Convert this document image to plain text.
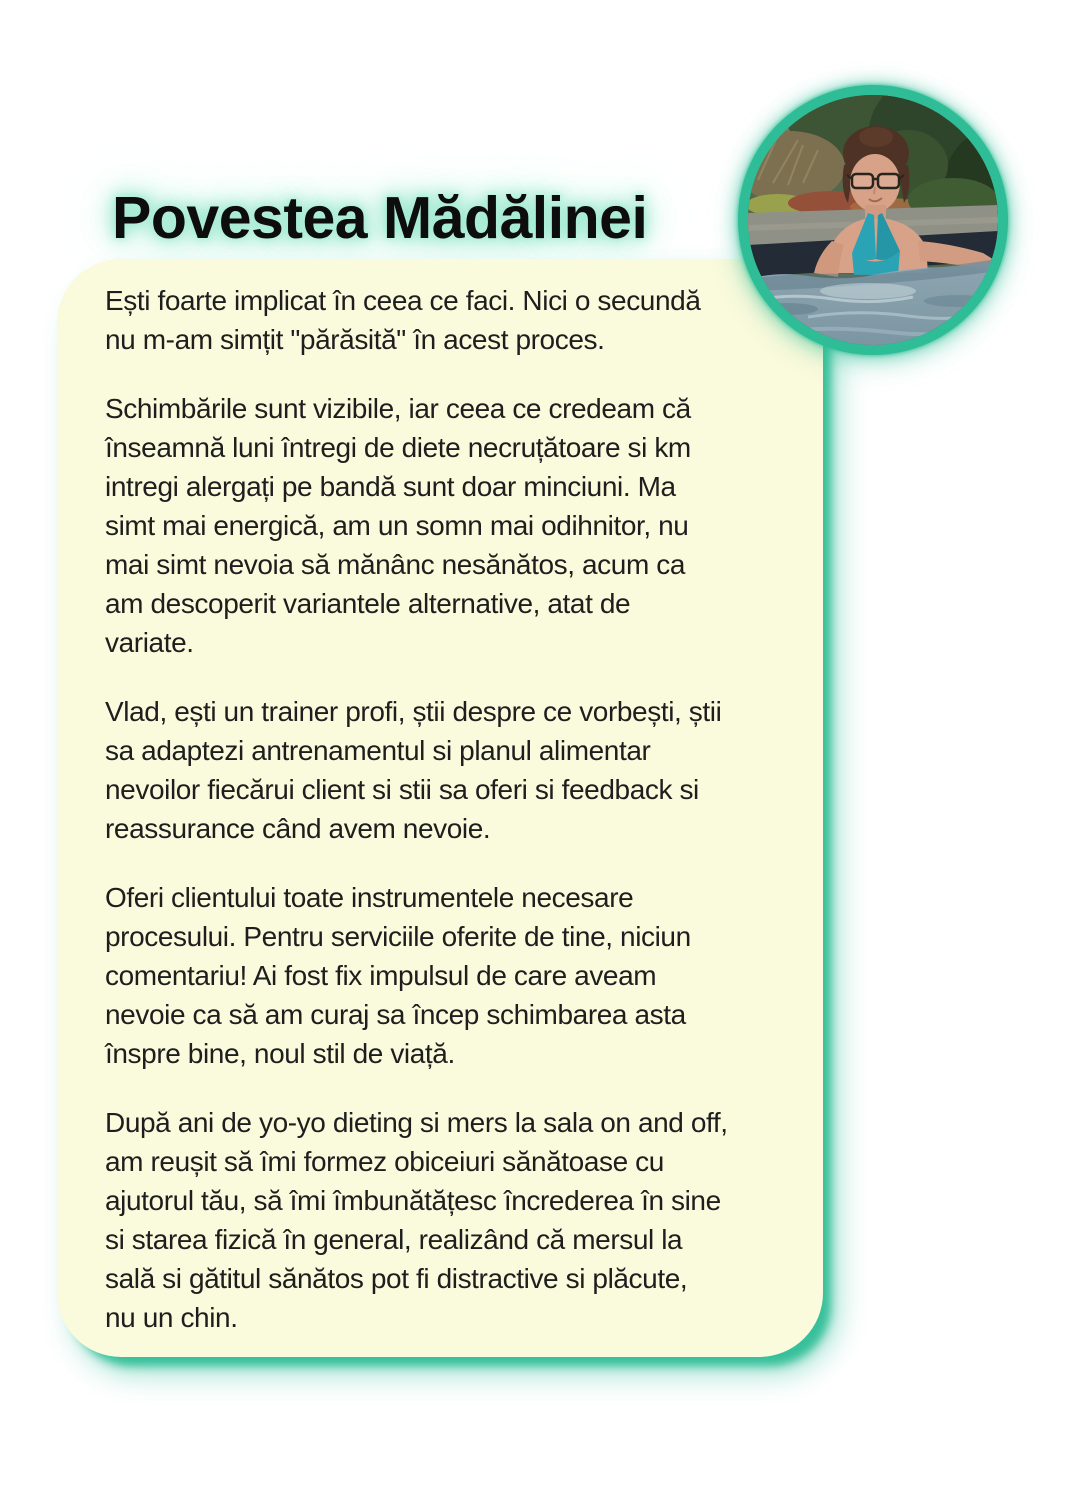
Povestea Mădălinei
Ești foarte implicat în ceea ce faci. Nici o secundă
nu m-am simțit "părăsită" în acest proces.
Schimbările sunt vizibile, iar ceea ce credeam că
înseamnă luni întregi de diete necruțătoare si km
intregi alergați pe bandă sunt doar minciuni. Ma
simt mai energică, am un somn mai odihnitor, nu
mai simt nevoia să mănânc nesănătos, acum ca
am descoperit variantele alternative, atat de
variate.
Vlad, ești un trainer profi, știi despre ce vorbești, știi
sa adaptezi antrenamentul si planul alimentar
nevoilor fiecărui client si stii sa oferi si feedback si
reassurance când avem nevoie.
Oferi clientului toate instrumentele necesare
procesului. Pentru serviciile oferite de tine, niciun
comentariu! Ai fost fix impulsul de care aveam
nevoie ca să am curaj sa încep schimbarea asta
înspre bine, noul stil de viață.
După ani de yo-yo dieting si mers la sala on and off,
am reușit să îmi formez obiceiuri sănătoase cu
ajutorul tău, să îmi îmbunătățesc încrederea în sine
si starea fizică în general, realizând că mersul la
sală si gătitul sănătos pot fi distractive si plăcute,
nu un chin.
